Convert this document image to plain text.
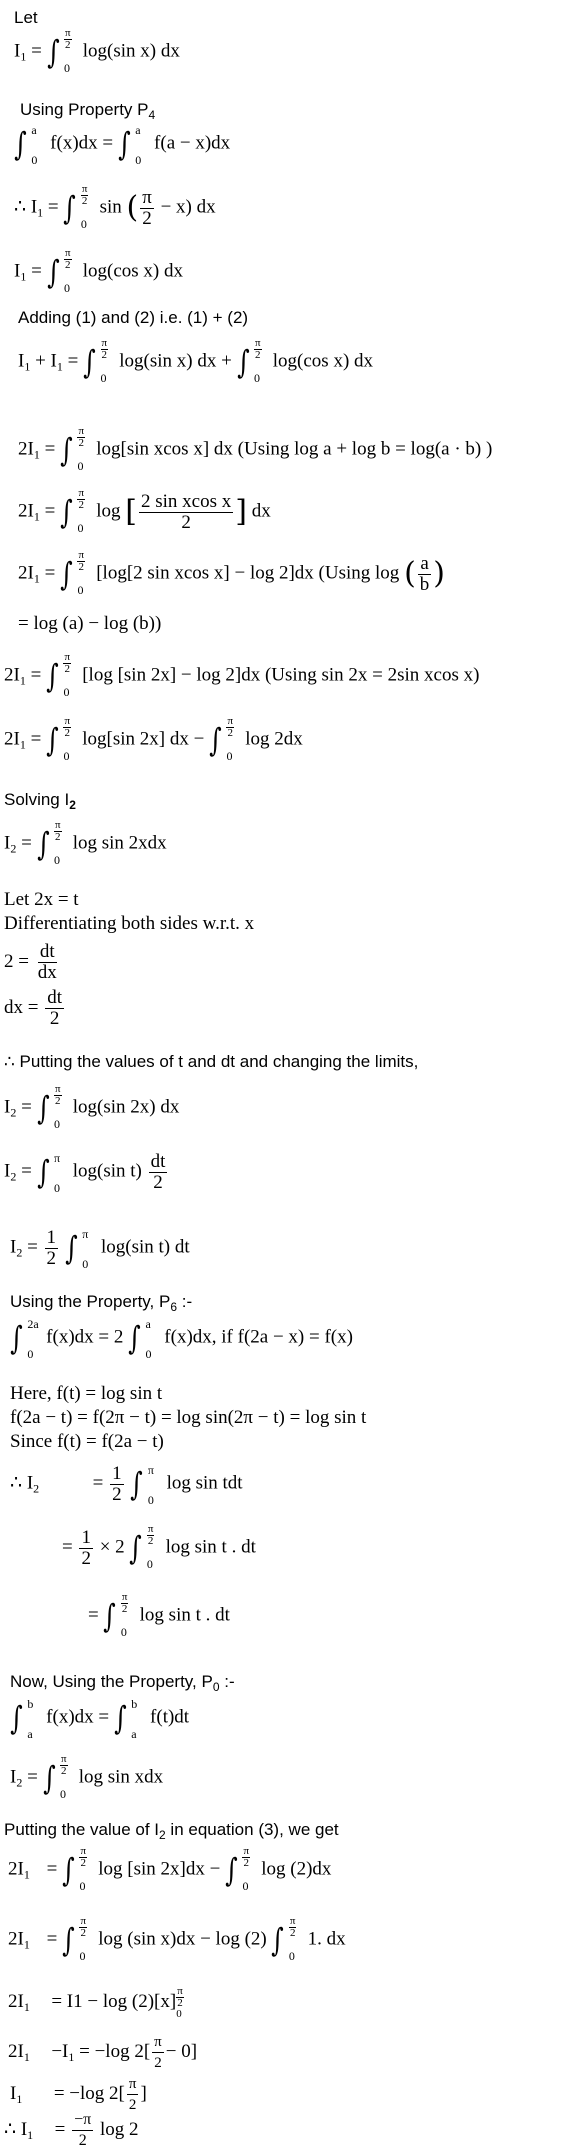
Let
$I_1$ = ∫ $\frac{\pi}{2}$
0
log(sin x) dx
Using Property $P_4$
∫ a
0
f(x)dx = ∫ a
0
f(a − x)dx
∴ $I_1$ = ∫ $\frac{\pi}{2}$
0
sin ( $\frac{\pi}{2} - x$) dx
$I_1$ = ∫ $\frac{\pi}{2}$
0
log(cos x) dx
Adding (1) and (2) i.e. (1) + (2)
$I_1 + I_1$ = ∫ $\frac{\pi}{2}$
0
log(sin x) dx + ∫ $\frac{\pi}{2}$
0
log(cos x) dx
$2I_1$ = ∫ $\frac{\pi}{2}$
0
log[sin xcos x] dx (Using log a + log b = log(a · b) )
$2I_1$ = ∫ $\frac{\pi}{2}$
0
log [ $\frac{\text{2 sin xcos x}}{2}$ ] dx
$2I_1$ = ∫ $\frac{\pi}{2}$
0
[log[2 sin xcos x] − log 2]dx (Using log ( $\frac{a}{b}$ )
= log (a) − log (b))
$2I_1$ = ∫ $\frac{\pi}{2}$
0
[log [sin 2x] − log 2]dx (Using sin 2x = 2sin xcos x)
$2I_1$ = ∫ $\frac{\pi}{2}$
0
log[sin 2x] dx − ∫ $\frac{\pi}{2}$
0
log 2dx
Solving $I_2$
$I_2$ = ∫ $\frac{\pi}{2}$
0
log sin 2xdx
Let 2x = t
Differentiating both sides w.r.t. x
$2 = \frac{dt}{dx}$
dx = $\frac{dt}{2}$
∴ Putting the values of t and dt and changing the limits,
$I_2$ = ∫ $\frac{\pi}{2}$
0
log(sin 2x) dx
$I_2$ = ∫ π
0
log(sin $t) \frac{dt}{2}$
$I_2 = \frac{1}{2}$ ∫ π
0
log(sin t) dt
Using the Property, $P_6$ :-
∫ 2a
0
f(x)dx = 2 ∫ a
0
f(x)dx, if f(2a − x) = f(x)
Here, f(t) = log sin t
f(2a − t) = f(2π − t) = log sin(2π − t) = log sin t
Since f(t) = f(2a − t)
∴ $I_2$	= $\frac{1}{2}$ ∫ π
0
log sin tdt
= $\frac{1}{2} \times 2$ ∫ $\frac{\pi}{2}$
0
log sin t . dt
= ∫ $\frac{\pi}{2}$
0
log sin t . dt
Now, Using the Property, $P_0$ :-
∫ b
a
f(x)dx = ∫ b
a
f(t)dt
$I_2$ = ∫ $\frac{\pi}{2}$
0
log sin xdx
Putting the value of $I_2$ in equation (3), we get
$2I_1$ = ∫ $\frac{\pi}{2}$
0
log [sin 2x]dx − ∫ $\frac{\pi}{2}$
0
log (2)dx
$2I_1$ = ∫ $\frac{\pi}{2}$
0
log (sin x)dx − log (2) ∫ $\frac{\pi}{2}$
0
1. dx
$2I_1 = I1 - \log (2)[x] \frac{\pi}{2}$

0
$2I_1 -I_1 = -\log$ $2[ \frac{\pi}{2} - 0]$
$I_1 = -\log$ $2[ \frac{\pi}{2}$ ]
∴ $I_1 = \frac{-\pi}{2}$ log 2
